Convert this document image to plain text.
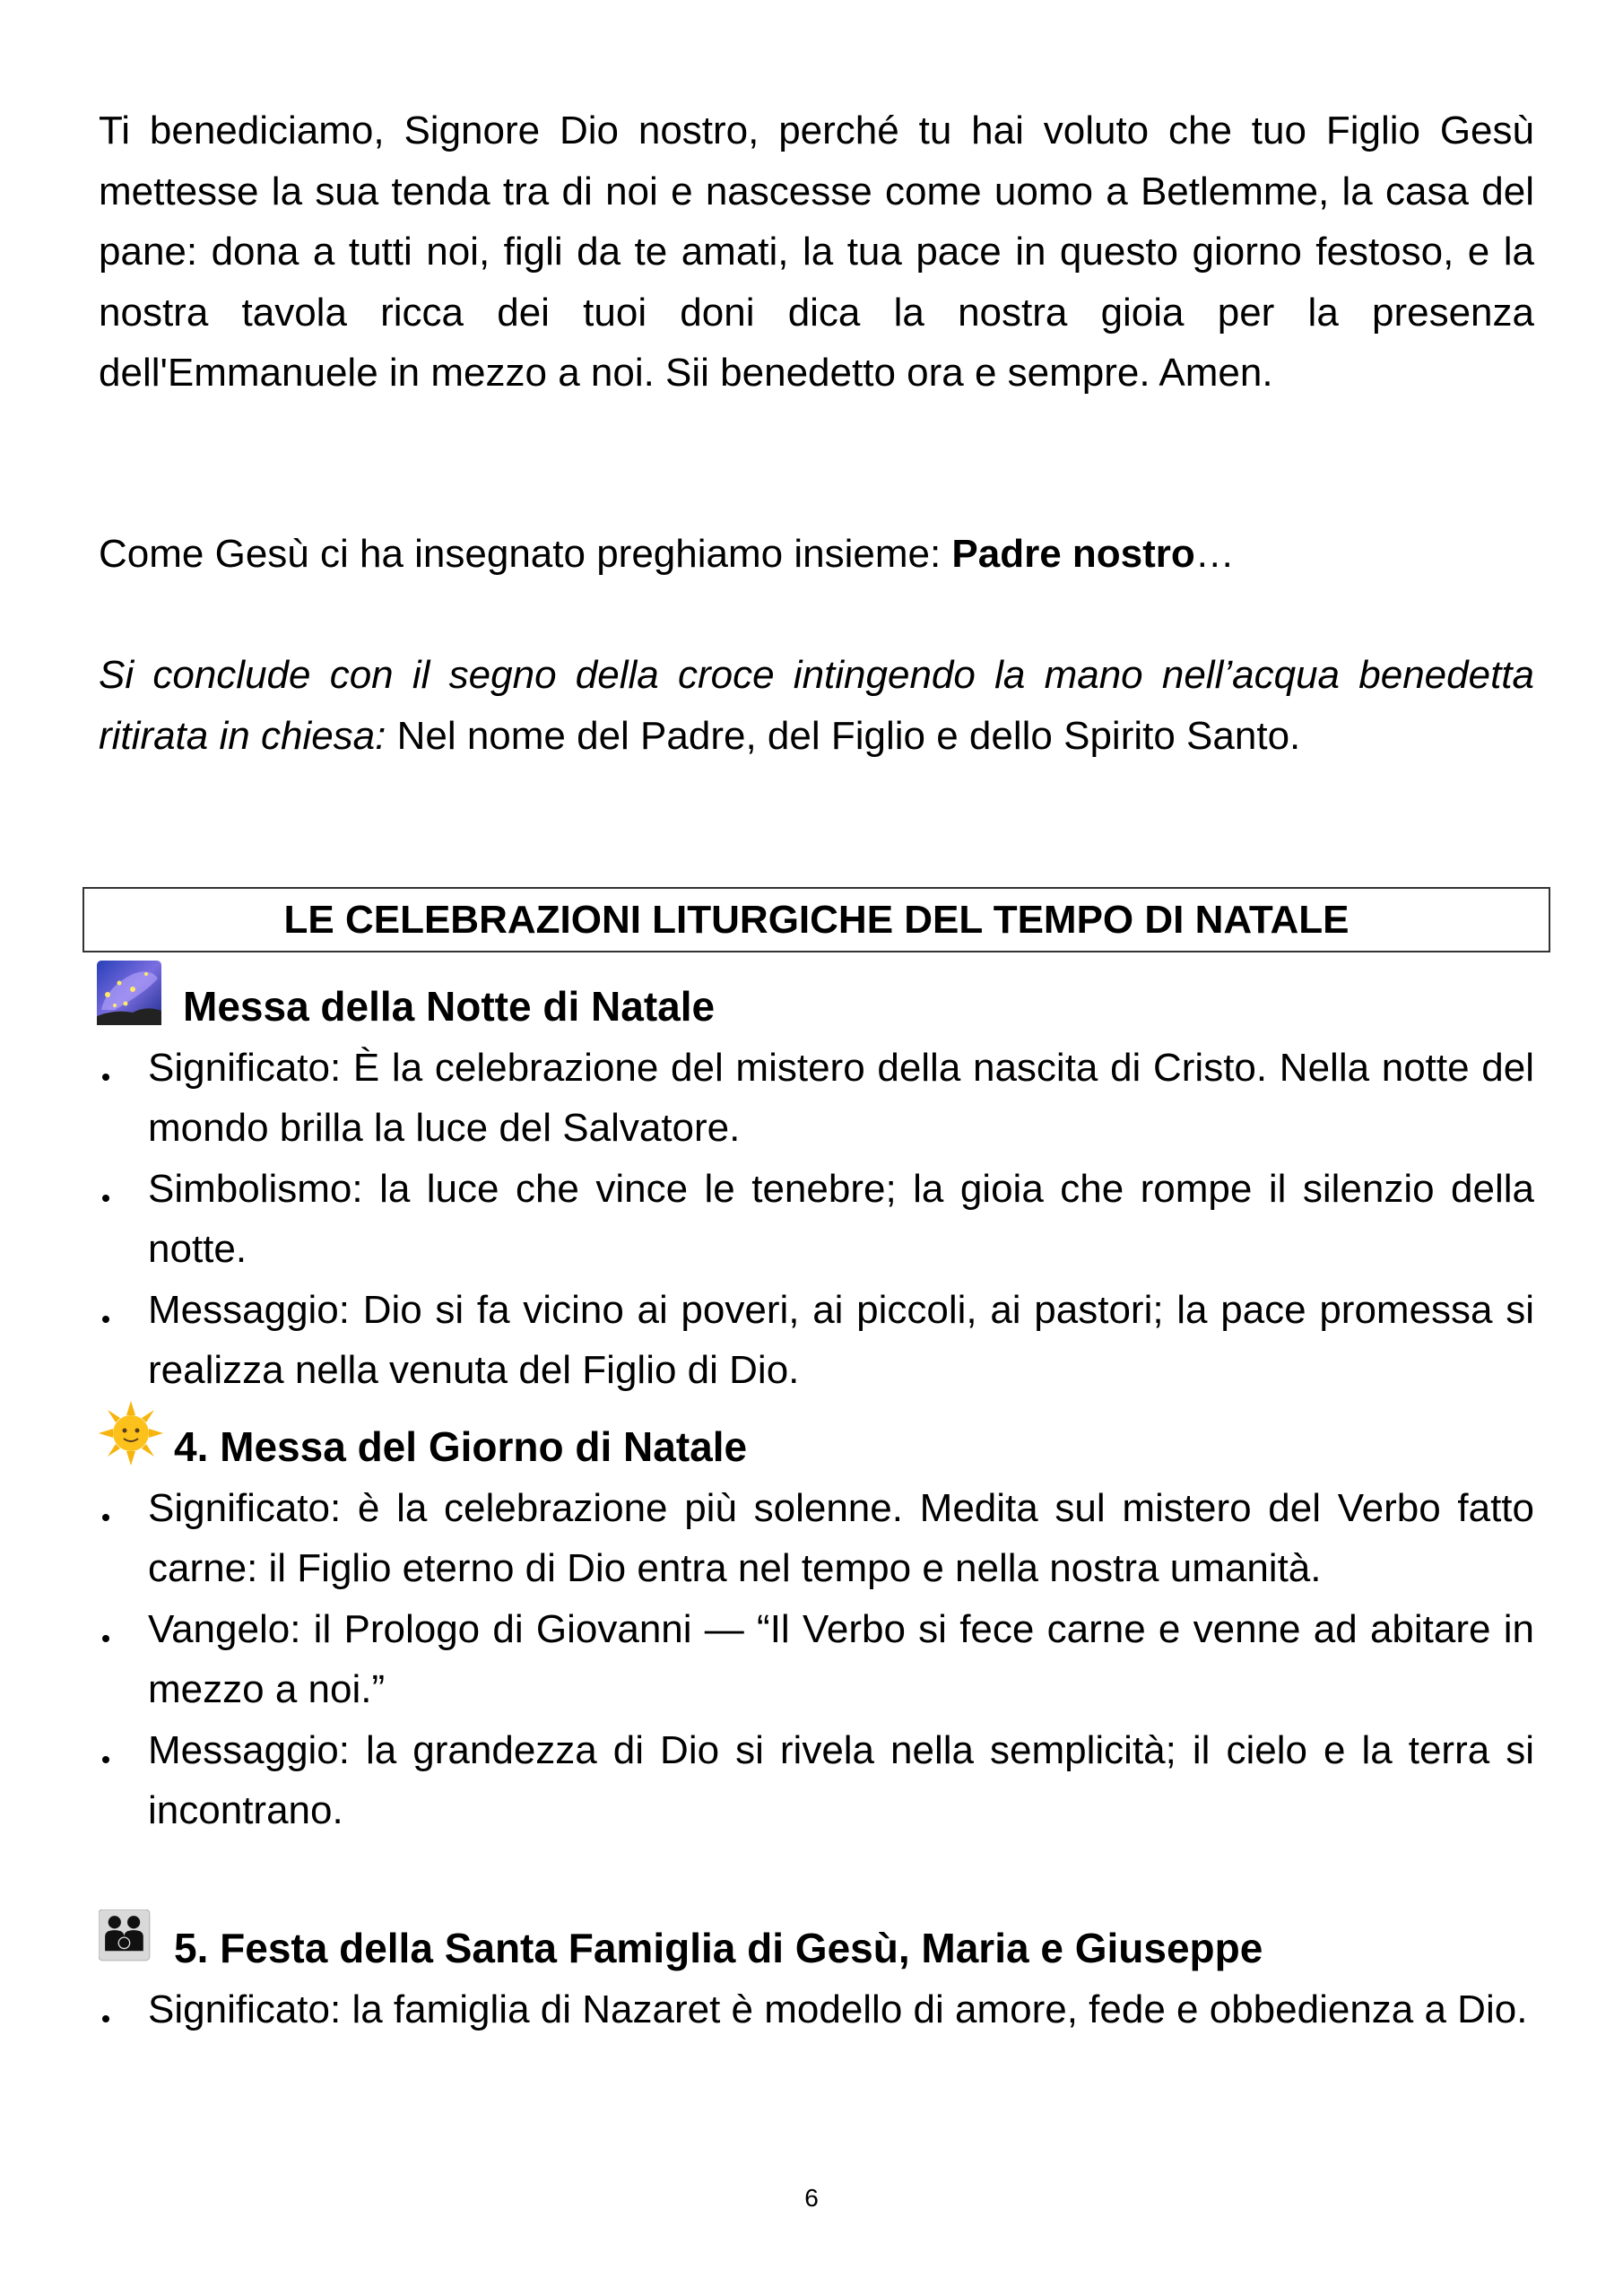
Ti benediciamo, Signore Dio nostro, perché tu hai voluto che tuo Figlio Gesù mettesse la sua tenda tra di noi e nascesse come uomo a Betlemme, la casa del pane: dona a tutti noi, figli da te amati, la tua pace in questo giorno festoso, e la nostra tavola ricca dei tuoi doni dica la nostra gioia per la presenza dell'Emmanuele in mezzo a noi. Sii benedetto ora e sempre. Amen.
Come Gesù ci ha insegnato preghiamo insieme: Padre nostro…
Si conclude con il segno della croce intingendo la mano nell’acqua benedetta ritirata in chiesa: Nel nome del Padre, del Figlio e dello Spirito Santo.
LE CELEBRAZIONI LITURGICHE DEL TEMPO DI NATALE
Messa della Notte di Natale
Significato: È la celebrazione del mistero della nascita di Cristo. Nella notte del mondo brilla la luce del Salvatore.
Simbolismo: la luce che vince le tenebre; la gioia che rompe il silenzio della notte.
Messaggio: Dio si fa vicino ai poveri, ai piccoli, ai pastori; la pace promessa si realizza nella venuta del Figlio di Dio.
4. Messa del Giorno di Natale
Significato: è la celebrazione più solenne. Medita sul mistero del Verbo fatto carne: il Figlio eterno di Dio entra nel tempo e nella nostra umanità.
Vangelo: il Prologo di Giovanni — “Il Verbo si fece carne e venne ad abitare in mezzo a noi.”
Messaggio: la grandezza di Dio si rivela nella semplicità; il cielo e la terra si incontrano.
5. Festa della Santa Famiglia di Gesù, Maria e Giuseppe
Significato: la famiglia di Nazaret è modello di amore, fede e obbedienza a Dio.
6
